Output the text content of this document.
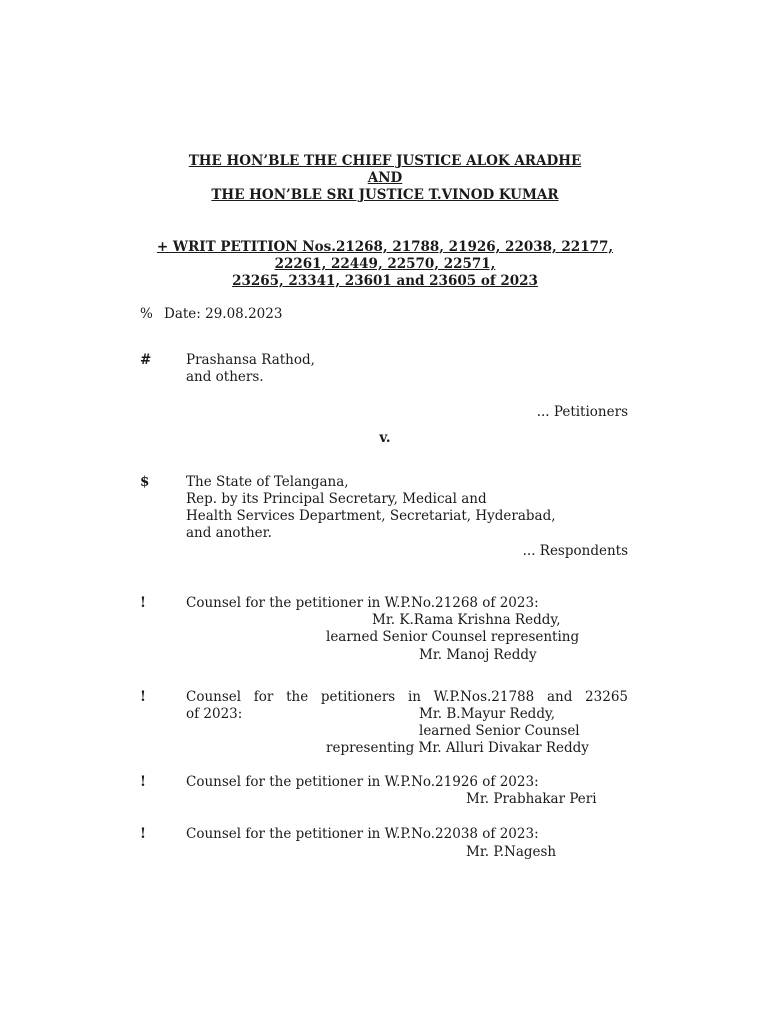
THE HON’BLE THE CHIEF JUSTICE ALOK ARADHE
AND
THE HON’BLE SRI JUSTICE T.VINOD KUMAR
+ WRIT PETITION Nos.21268, 21788, 21926, 22038, 22177,
22261, 22449, 22570, 22571,
23265, 23341, 23601 and 23605 of 2023
% Date: 29.08.2023
#	Prashansa Rathod,
and others.
... Petitioners
v.
$	The State of Telangana,
Rep. by its Principal Secretary, Medical and
Health Services Department, Secretariat, Hyderabad,
and another.
... Respondents
!	Counsel for the petitioner in W.P.No.21268 of 2023:
Mr. K.Rama Krishna Reddy,
learned Senior Counsel representing
Mr. Manoj Reddy
!	Counsel for the petitioners in W.P.Nos.21788 and 23265
of 2023:	Mr. B.Mayur Reddy,
learned Senior Counsel
representing Mr. Alluri Divakar Reddy
!	Counsel for the petitioner in W.P.No.21926 of 2023:
Mr. Prabhakar Peri
!	Counsel for the petitioner in W.P.No.22038 of 2023:
Mr. P.Nagesh
